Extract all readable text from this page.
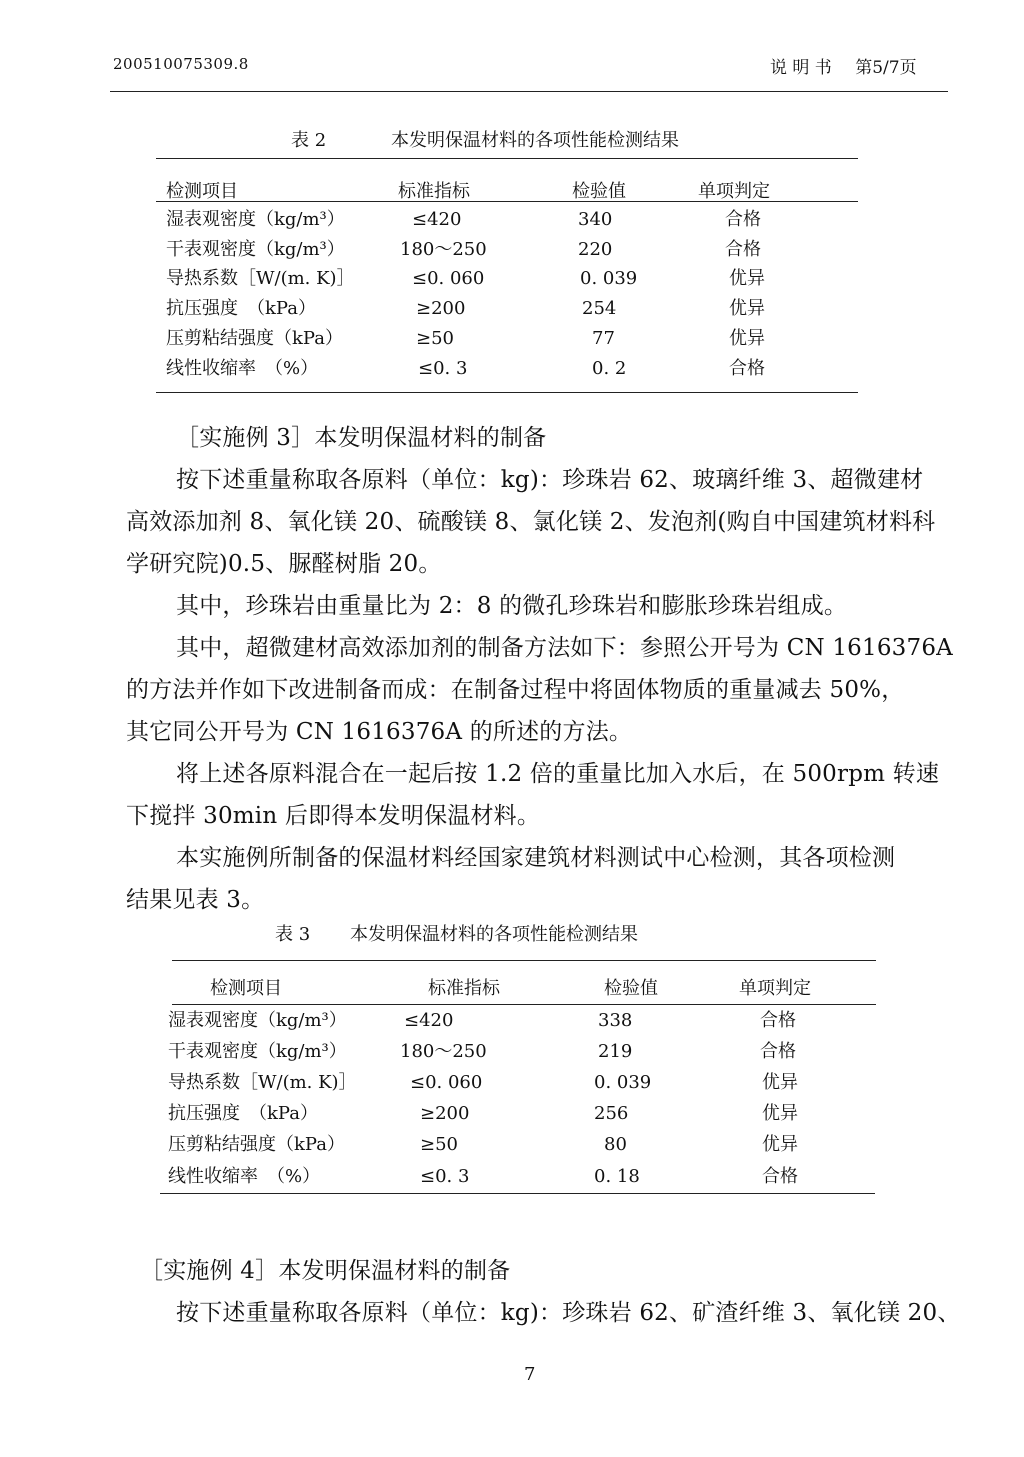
200510075309.8	说 明 书 第5/7页
表 2	本发明保温材料的各项性能检测结果
检测项目	标准指标	检验值	单项判定
湿表观密度（kg/m³）	≤420	340	合格
干表观密度（kg/m³）	180～250	220	合格
导热系数［W/(m. K)］	≤0. 060	0. 039	优异
抗压强度　（kPa）	≥200	254	优异
压剪粘结强度（kPa）	≥50	77	优异
线性收缩率　（%）	≤0. 3	0. 2	合格
［实施例 3］本发明保温材料的制备
按下述重量称取各原料（单位：kg)：珍珠岩 62、玻璃纤维 3、超微建材
高效添加剂 8、氧化镁 20、硫酸镁 8、氯化镁 2、发泡剂(购自中国建筑材料科
学研究院)0.5、脲醛树脂 20。
其中，珍珠岩由重量比为 2：8 的微孔珍珠岩和膨胀珍珠岩组成。
其中，超微建材高效添加剂的制备方法如下：参照公开号为 CN 1616376A
的方法并作如下改进制备而成：在制备过程中将固体物质的重量减去 50%，
其它同公开号为 CN 1616376A 的所述的方法。
将上述各原料混合在一起后按 1.2 倍的重量比加入水后，在 500rpm 转速
下搅拌 30min 后即得本发明保温材料。
本实施例所制备的保温材料经国家建筑材料测试中心检测，其各项检测
结果见表 3。
表 3 本发明保温材料的各项性能检测结果
检测项目	标准指标	检验值	单项判定
湿表观密度（kg/m³）	≤420	338	合格
干表观密度（kg/m³）	180～250	219	合格
导热系数［W/(m. K)］	≤0. 060	0. 039	优异
抗压强度　（kPa）	≥200	256	优异
压剪粘结强度（kPa）	≥50	80	优异
线性收缩率　（%）	≤0. 3	0. 18	合格
［实施例 4］本发明保温材料的制备
按下述重量称取各原料（单位：kg)：珍珠岩 62、矿渣纤维 3、氧化镁 20、
7
